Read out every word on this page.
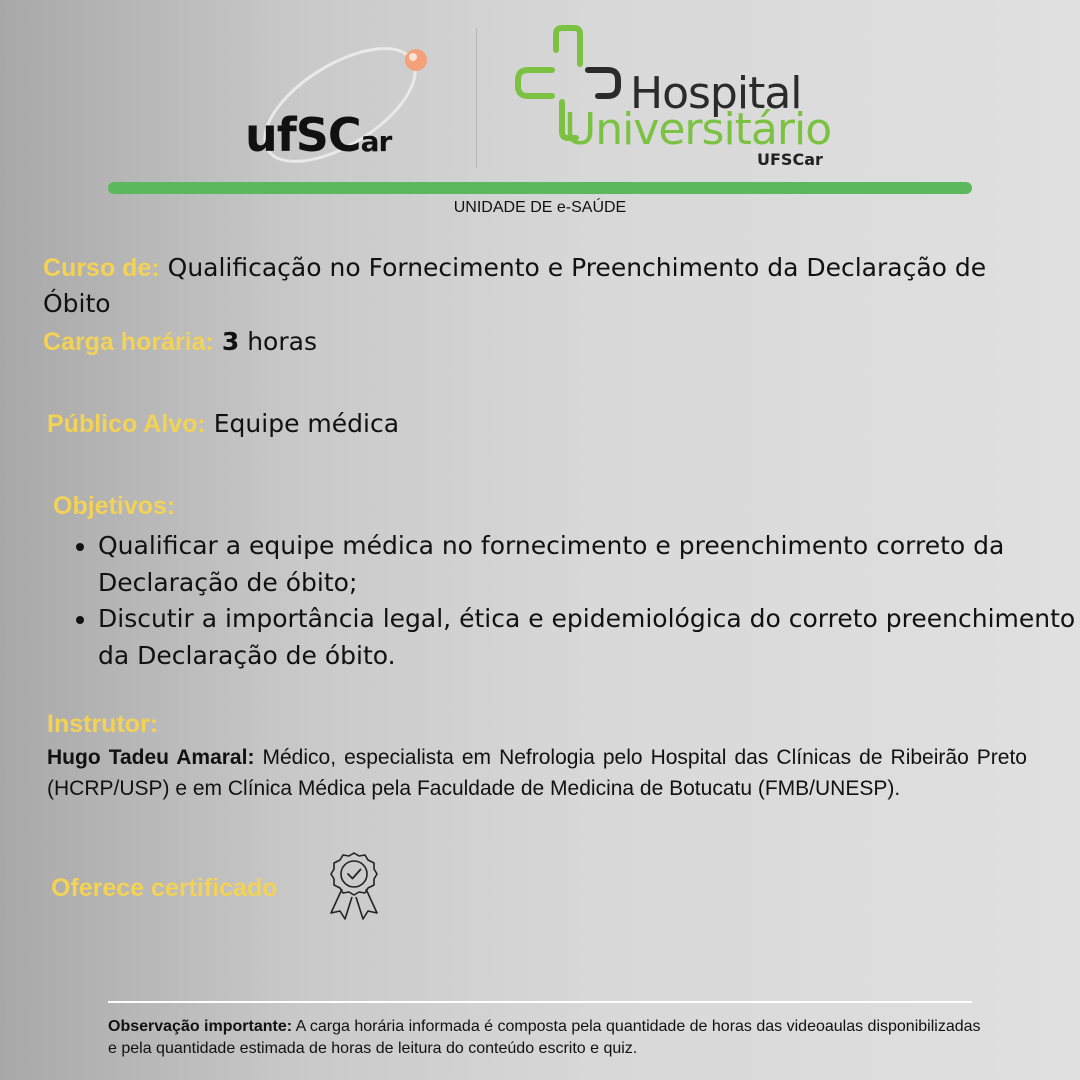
ufSCar
Hospital
Universitário
UFSCar
UNIDADE DE e-SAÚDE
Curso de: Qualificação no Fornecimento e Preenchimento da Declaração de Óbito
Carga horária: 3 horas
Público Alvo: Equipe médica
Objetivos:
• Qualificar a equipe médica no fornecimento e preenchimento correto da Declaração de óbito;
• Discutir a importância legal, ética e epidemiológica do correto preenchimento da Declaração de óbito.
Instrutor:
Hugo Tadeu Amaral: Médico, especialista em Nefrologia pelo Hospital das Clínicas de Ribeirão Preto (HCRP/USP) e em Clínica Médica pela Faculdade de Medicina de Botucatu (FMB/UNESP).
Oferece certificado
Observação importante: A carga horária informada é composta pela quantidade de horas das videoaulas disponibilizadas e pela quantidade estimada de horas de leitura do conteúdo escrito e quiz.
